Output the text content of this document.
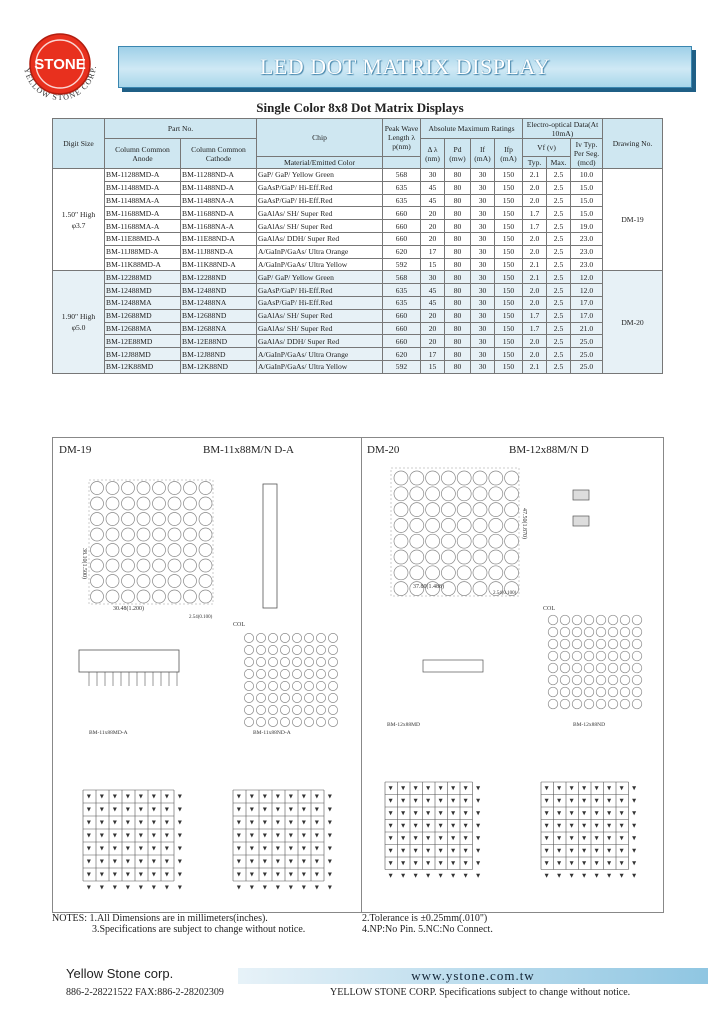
STONE
YELLOW STONE CORP.	LED DOT MATRIX DISPLAY
Single Color 8x8 Dot Matrix Displays
Digit Size	Part No.		Chip	Peak Wave Length λ p(nm)	Absolute Maximum Ratings				Electro-optical Data(At 10mA)			Drawing No.
	Column Common Anode	Column Common Cathode			Δ λ (nm)	Pd (mw)	If (mA)	Ifp (mA)	Vf (v)		Iv Typ. Per Seg. (mcd)	
			Material/Emitted Color						Typ.	Max.		
1.50" High φ3.7	BM-11288MD-A	BM-11288ND-A	GaP/ GaP/ Yellow Green	568	30	80	30	150	2.1	2.5	10.0	DM-19
	BM-11488MD-A	BM-11488ND-A	GaAsP/GaP/ Hi-Eff.Red	635	45	80	30	150	2.0	2.5	15.0	
	BM-11488MA-A	BM-11488NA-A	GaAsP/GaP/ Hi-Eff.Red	635	45	80	30	150	2.0	2.5	15.0	
	BM-11688MD-A	BM-11688ND-A	GaAlAs/ SH/ Super Red	660	20	80	30	150	1.7	2.5	15.0	
	BM-11688MA-A	BM-11688NA-A	GaAlAs/ SH/ Super Red	660	20	80	30	150	1.7	2.5	19.0	
	BM-11E88MD-A	BM-11E88ND-A	GaAlAs/ DDH/ Super Red	660	20	80	30	150	2.0	2.5	23.0	
	BM-11J88MD-A	BM-11J88ND-A	A/GaInP/GaAs/ Ultra Orange	620	17	80	30	150	2.0	2.5	23.0	
	BM-11K88MD-A	BM-11K88ND-A	A/GaInP/GaAs/ Ultra Yellow	592	15	80	30	150	2.1	2.5	23.0	
1.90" High φ5.0	BM-12288MD	BM-12288ND	GaP/ GaP/ Yellow Green	568	30	80	30	150	2.1	2.5	12.0	DM-20
	BM-12488MD	BM-12488ND	GaAsP/GaP/ Hi-Eff.Red	635	45	80	30	150	2.0	2.5	12.0	
	BM-12488MA	BM-12488NA	GaAsP/GaP/ Hi-Eff.Red	635	45	80	30	150	2.0	2.5	17.0	
	BM-12688MD	BM-12688ND	GaAlAs/ SH/ Super Red	660	20	80	30	150	1.7	2.5	17.0	
	BM-12688MA	BM-12688NA	GaAlAs/ SH/ Super Red	660	20	80	30	150	1.7	2.5	21.0	
	BM-12E88MD	BM-12E88ND	GaAlAs/ DDH/ Super Red	660	20	80	30	150	2.0	2.5	25.0	
	BM-12J88MD	BM-12J88ND	A/GaInP/GaAs/ Ultra Orange	620	17	80	30	150	2.0	2.5	25.0	
	BM-12K88MD	BM-12K88ND	A/GaInP/GaAs/ Ultra Yellow	592	15	80	30	150	2.1	2.5	25.0	
DM-19	BM-11x88M/N D-A	DM-20	BM-12x88M/N D
30.48(1.200)
38.10(1.500)
2.54(0.100)
COL
BM-11x88MD-A	BM-11x88ND-A
37.80(1.488)
47.50(1.870)
2.54(0.100)
COL
BM-12x88MD	BM-12x88ND
NOTES: 1.All Dimensions are in millimeters(inches).	2.Tolerance is ±0.25mm(.010")
3.Specifications are subject to change without notice.	4.NP:No Pin. 5.NC:No Connect.
Yellow Stone corp.	www.ystone.com.tw
886-2-28221522 FAX:886-2-28202309	YELLOW STONE CORP. Specifications subject to change without notice.
